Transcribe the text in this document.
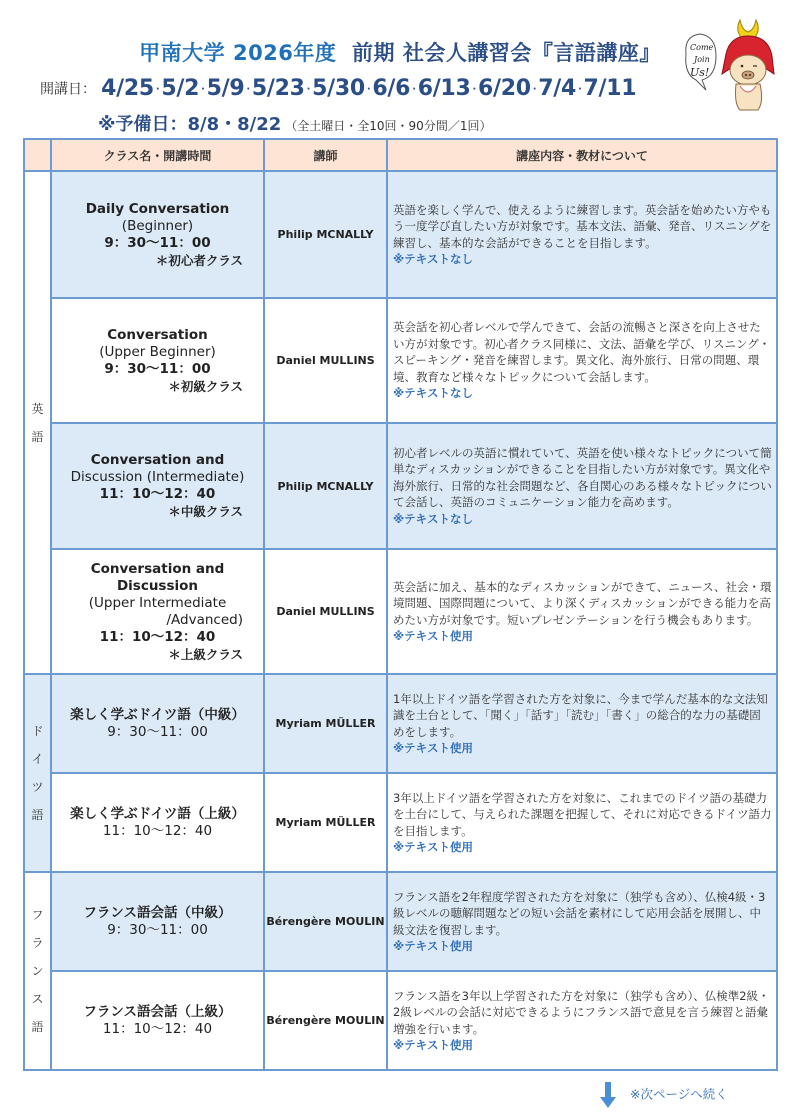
甲南大学 2026年度 前期 社会人講習会『言語講座』
開講日： 4/25 ·5/2 ·5/9 ·5/23 ·5/30 ·6/6 ·6/13 ·6/20 ·7/4 ·7/11
※予備日：8/8・8/22 （全土曜日・全10回・90分間／1回）
Come
Join
Us!
	クラス名・開講時間	講師	講座内容・教材について

英
語	Daily Conversation
(Beginner)
9：30～11：00
＊初心者クラス	Philip MCNALLY	英語を楽しく学んで、使えるように練習します。英会話を始めたい方やもう一度学び直したい方が対象です。基本文法、語彙、発音、リスニングを練習し、基本的な会話ができることを目指します。
※テキストなし

	Conversation
(Upper Beginner)
9：30～11：00
＊初級クラス	Daniel MULLINS	英会話を初心者レベルで学んできて、会話の流暢さと深さを向上させたい方が対象です。初心者クラス同様に、文法、語彙を学び、リスニング・スピーキング・発音を練習します。異文化、海外旅行、日常の問題、環境、教育など様々なトピックについて会話します。
※テキストなし

	Conversation and
Discussion (Intermediate)
11：10～12：40
＊中級クラス	Philip MCNALLY	初心者レベルの英語に慣れていて、英語を使い様々なトピックについて簡単なディスカッションができることを目指したい方が対象です。異文化や海外旅行、日常的な社会問題など、各自関心のある様々なトピックについて会話し、英語のコミュニケーション能力を高めます。
※テキストなし

	Conversation and Discussion
(Upper Intermediate
/Advanced)
11：10～12：40
＊上級クラス	Daniel MULLINS	英会話に加え、基本的なディスカッションができて、ニュース、社会・環境問題、国際問題について、より深くディスカッションができる能力を高めたい方が対象です。短いプレゼンテーションを行う機会もあります。
※テキスト使用

ド
イ
ツ
語	楽しく学ぶドイツ語（中級）
9：30～11：00	Myriam MÜLLER	1年以上ドイツ語を学習された方を対象に、今まで学んだ基本的な文法知識を土台として、「聞く」「話す」「読む」「書く」の総合的な力の基礎固めをします。
※テキスト使用

	楽しく学ぶドイツ語（上級）
11：10～12：40	Myriam MÜLLER	3年以上ドイツ語を学習された方を対象に、これまでのドイツ語の基礎力を土台にして、与えられた課題を把握して、それに対応できるドイツ語力を目指します。
※テキスト使用

フ
ラ
ン
ス
語	フランス語会話（中級）
9：30～11：00	Bérengère MOULIN	フランス語を2年程度学習された方を対象に（独学も含め）、仏検4級・3級レベルの聴解問題などの短い会話を素材にして応用会話を展開し、中級文法を復習します。
※テキスト使用

	フランス語会話（上級）
11：10～12：40	Bérengère MOULIN	フランス語を3年以上学習された方を対象に（独学も含め）、仏検準2級・2級レベルの会話に対応できるようにフランス語で意見を言う練習と語彙増強を行います。
※テキスト使用
※次ページへ続く
